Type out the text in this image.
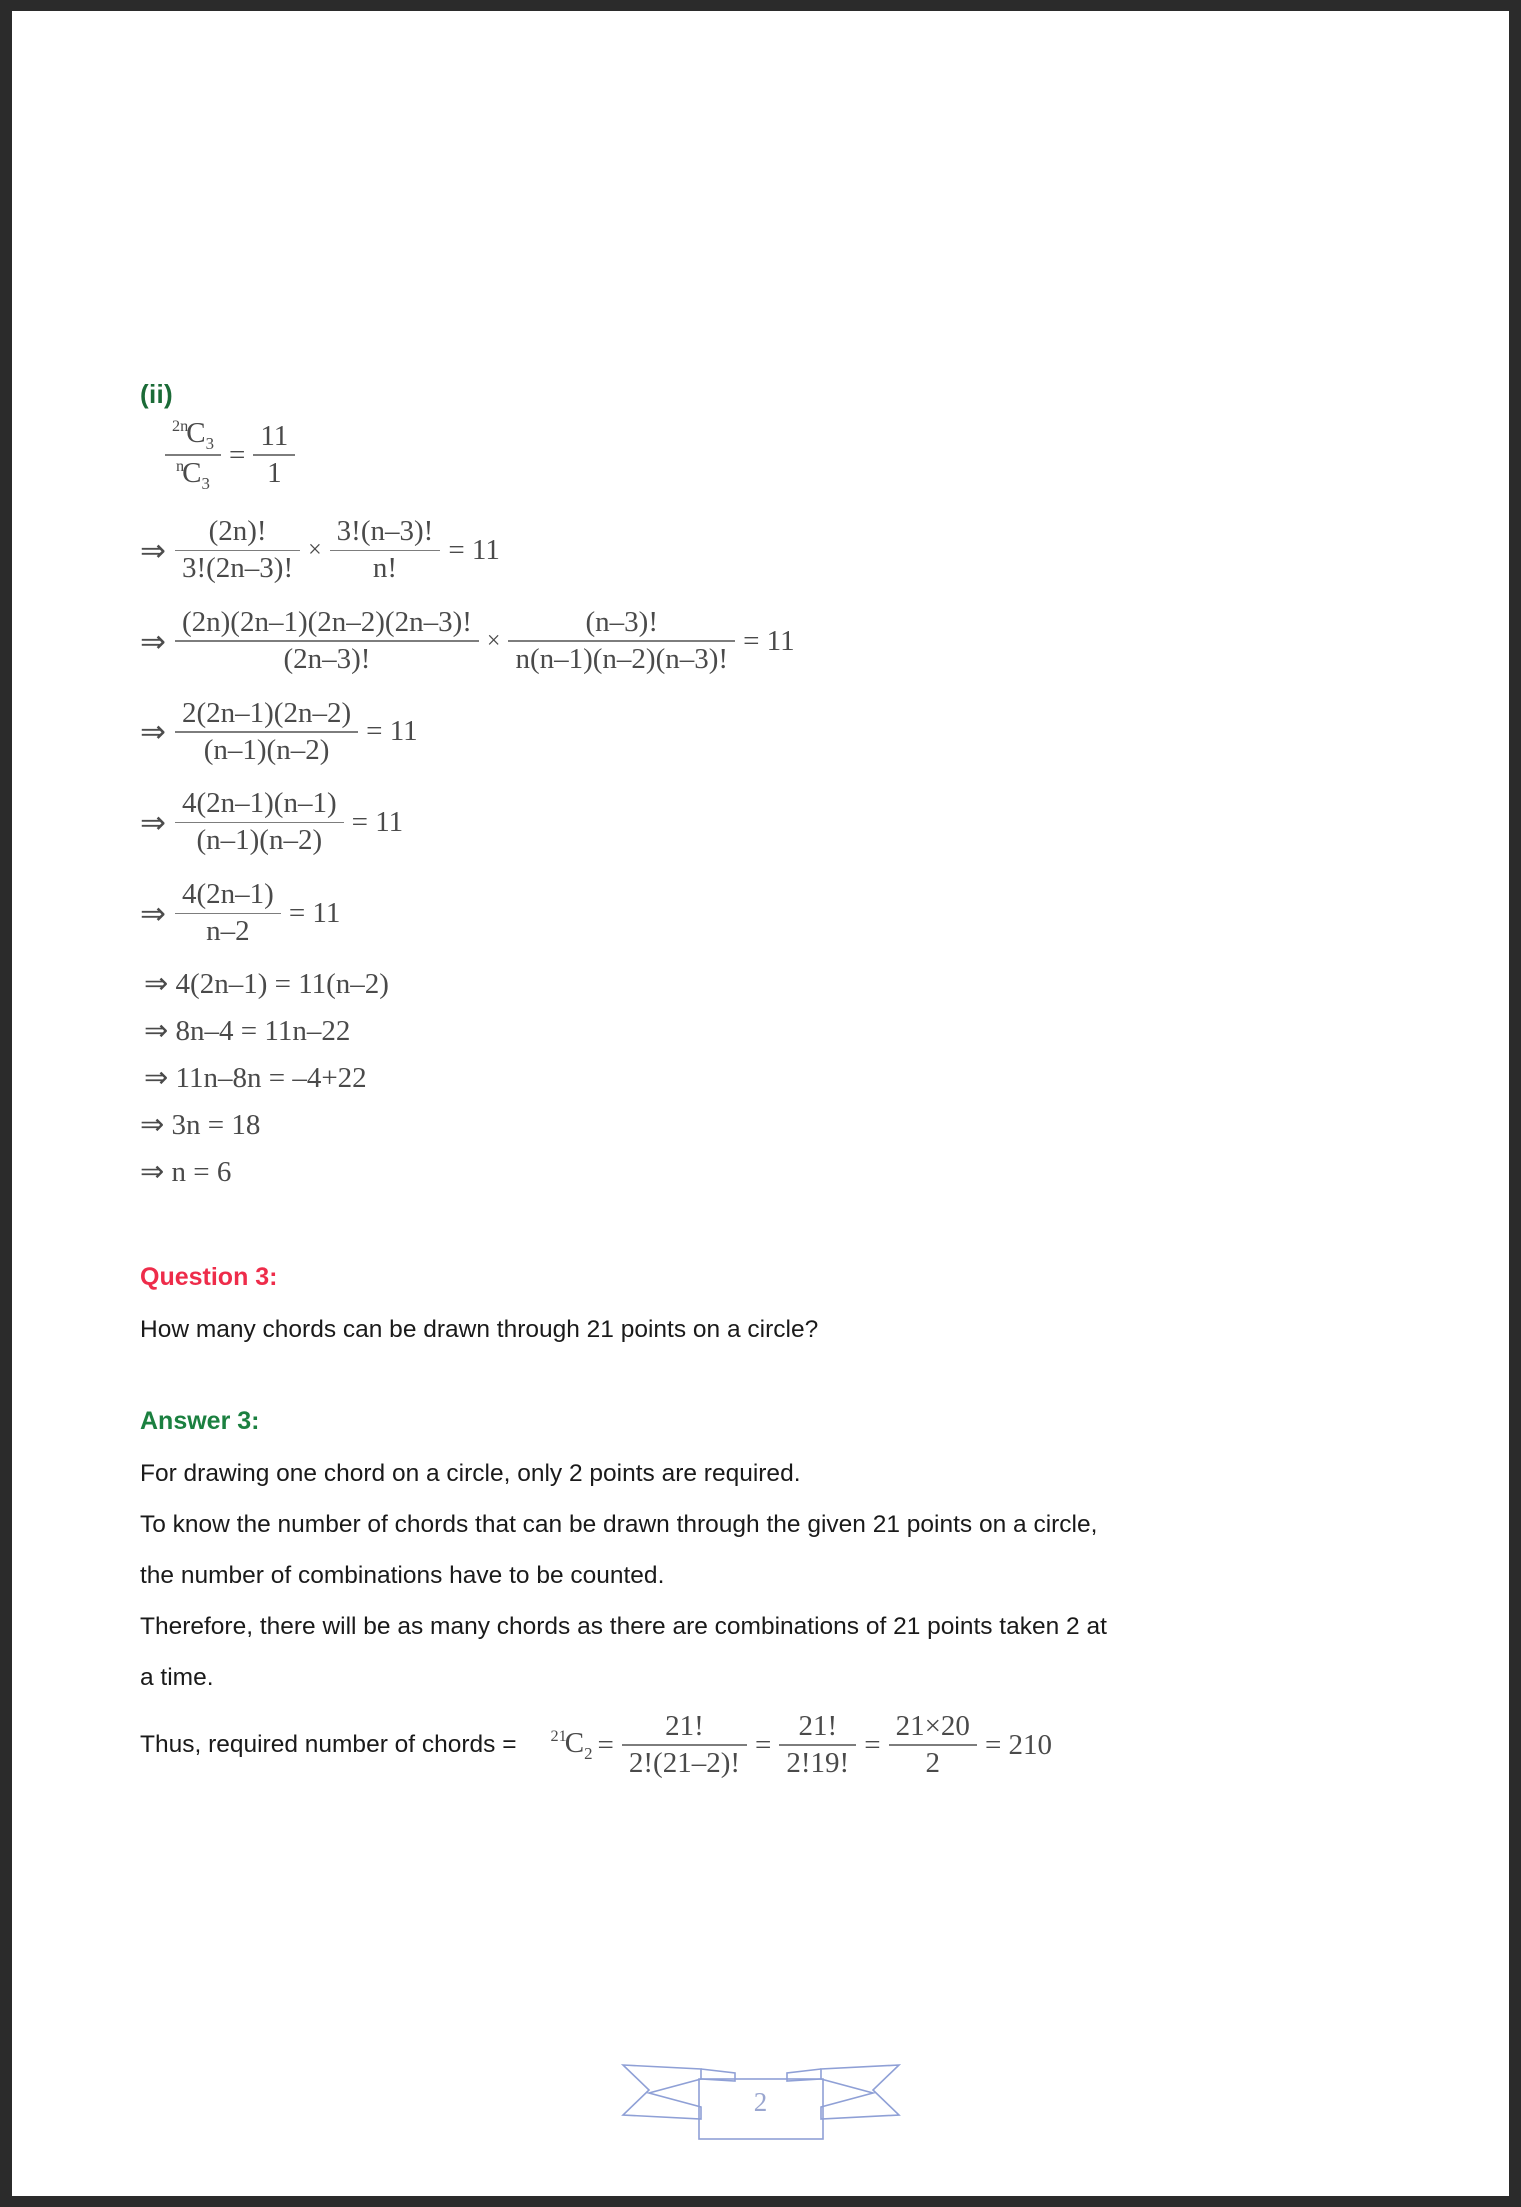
(ii)
$\frac{^{2n}C_3}{^nC_3} = \frac{11}{1}$
⇒ $\frac{(2n)!}{3!(2n-3)!} \times \frac{3!(n-3)!}{n!} = 11$
⇒ $\frac{(2n)(2n-1)(2n-2)(2n-3)!}{(2n-3)!} \times \frac{(n-3)!}{n(n-1)(n-2)(n-3)!} = 11$
⇒ $\frac{2(2n-1)(2n-2)}{(n-1)(n-2)} = 11$
⇒ $\frac{4(2n-1)(n-1)}{(n-1)(n-2)} = 11$
⇒ $\frac{4(2n-1)}{n-2} = 11$
⇒ 4(2n–1) = 11(n–2)
⇒ 8n–4 = 11n–22
⇒ 11n–8n = –4+22
⇒ 3n = 18
⇒ n = 6
Question 3:
How many chords can be drawn through 21 points on a circle?
Answer 3:
For drawing one chord on a circle, only 2 points are required.
To know the number of chords that can be drawn through the given 21 points on a circle,
the number of combinations have to be counted.
Therefore, there will be as many chords as there are combinations of 21 points taken 2 at
a time.
Thus, required number of chords = $^{21}C_2 = \frac{21!}{2!(21-2)!} = \frac{21!}{2!19!} = \frac{21\times 20}{2} = 210$
2
